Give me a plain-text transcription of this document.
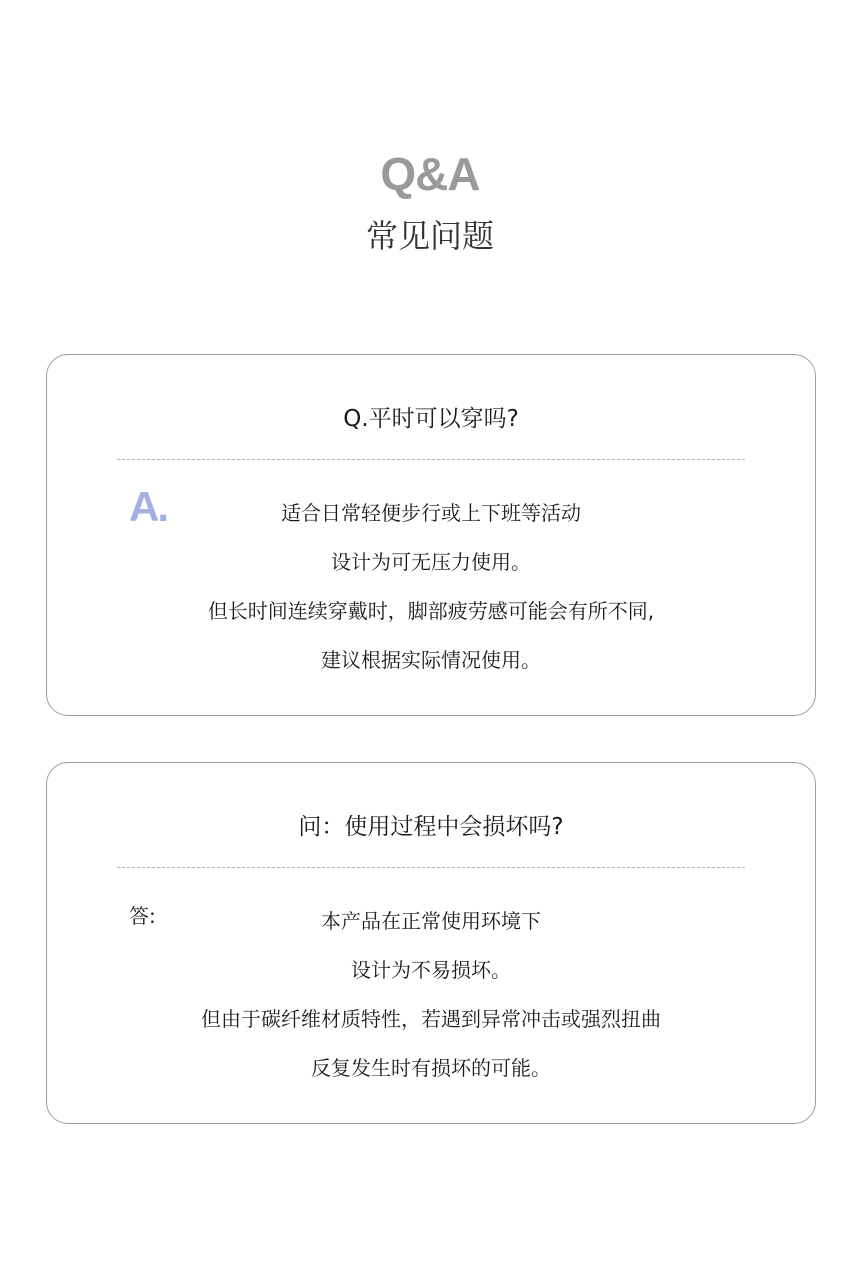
Q&A
常见问题
Q.平时可以穿吗?
A.	适合日常轻便步行或上下班等活动
设计为可无压力使用。
但长时间连续穿戴时，脚部疲劳感可能会有所不同,
建议根据实际情况使用。
问：使用过程中会损坏吗?
答:	本产品在正常使用环境下
设计为不易损坏。
但由于碳纤维材质特性，若遇到异常冲击或强烈扭曲
反复发生时有损坏的可能。
